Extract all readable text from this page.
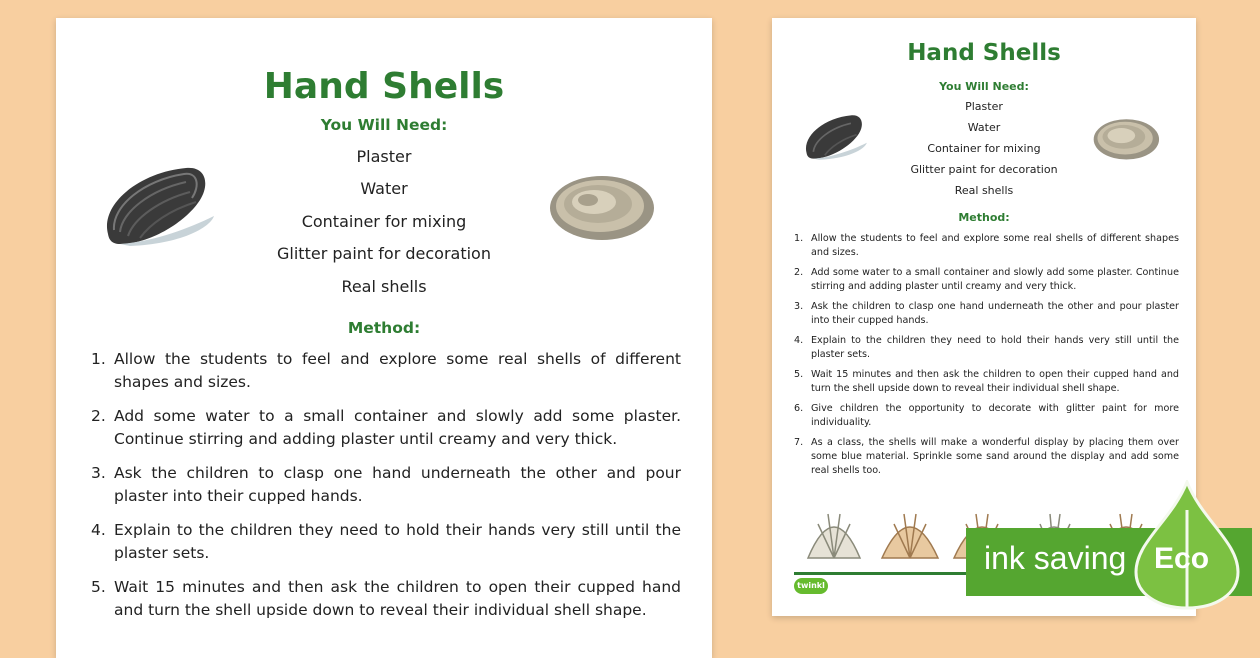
Hand Shells
You Will Need:
Plaster
Water
Container for mixing
Glitter paint for decoration
Real shells
Method:
1. Allow the students to feel and explore some real shells of different shapes and sizes.
2. Add some water to a small container and slowly add some plaster. Continue stirring and adding plaster until creamy and very thick.
3. Ask the children to clasp one hand underneath the other and pour plaster into their cupped hands.
4. Explain to the children they need to hold their hands very still until the plaster sets.
5. Wait 15 minutes and then ask the children to open their cupped hand and turn the shell upside down to reveal their individual shell shape.
Hand Shells
You Will Need:
Plaster
Water
Container for mixing
Glitter paint for decoration
Real shells
Method:
1. Allow the students to feel and explore some real shells of different shapes and sizes.
2. Add some water to a small container and slowly add some plaster. Continue stirring and adding plaster until creamy and very thick.
3. Ask the children to clasp one hand underneath the other and pour plaster into their cupped hands.
4. Explain to the children they need to hold their hands very still until the plaster sets.
5. Wait 15 minutes and then ask the children to open their cupped hand and turn the shell upside down to reveal their individual shell shape.
6. Give children the opportunity to decorate with glitter paint for more individuality.
7. As a class, the shells will make a wonderful display by placing them over some blue material. Sprinkle some sand around the display and add some real shells too.
twinkl
ink saving Eco
